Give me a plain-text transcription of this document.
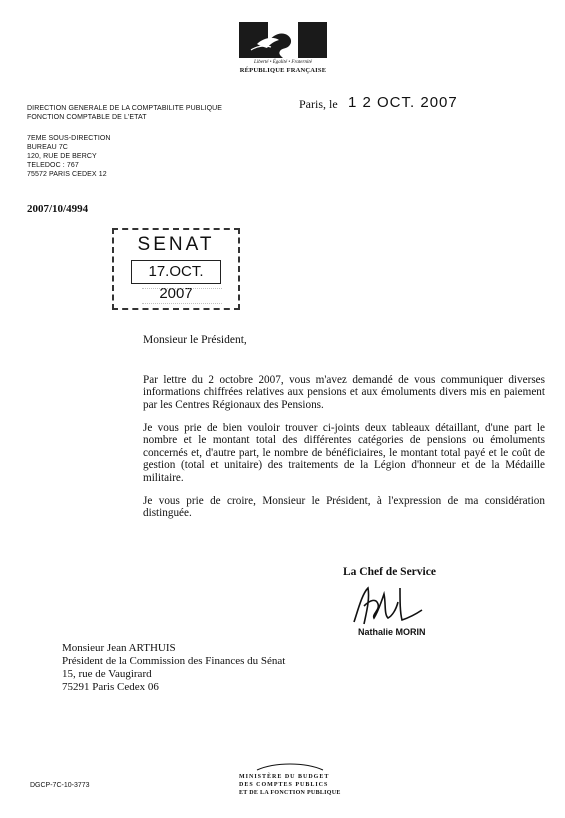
Liberté • Égalité • Fraternité
RÉPUBLIQUE FRANÇAISE
DIRECTION GENERALE DE LA COMPTABILITE PUBLIQUE
FONCTION COMPTABLE DE L'ETAT
7EME SOUS-DIRECTION
BUREAU 7C
120, RUE DE BERCY
TELEDOC : 767
75572 PARIS CEDEX 12
Paris, le 1 2 OCT. 2007
2007/10/4994
SENAT
17.OCT. 2007
Monsieur le Président,
Par lettre du 2 octobre 2007, vous m'avez demandé de vous communiquer diverses informations chiffrées relatives aux pensions et aux émoluments divers mis en paiement par les Centres Régionaux des Pensions.
Je vous prie de bien vouloir trouver ci-joints deux tableaux détaillant, d'une part le nombre et le montant total des différentes catégories de pensions ou émoluments concernés et, d'autre part, le nombre de bénéficiaires, le montant total payé et le coût de gestion (total et unitaire) des traitements de la Légion d'honneur et de la Médaille militaire.
Je vous prie de croire, Monsieur le Président, à l'expression de ma considération distinguée.
La Chef de Service
Nathalie MORIN
Monsieur Jean ARTHUIS
Président de la Commission des Finances du Sénat
15, rue de Vaugirard
75291 Paris Cedex 06
DGCP-7C-10-3773
MINISTÈRE DU BUDGET
DES COMPTES PUBLICS
ET DE LA FONCTION PUBLIQUE
